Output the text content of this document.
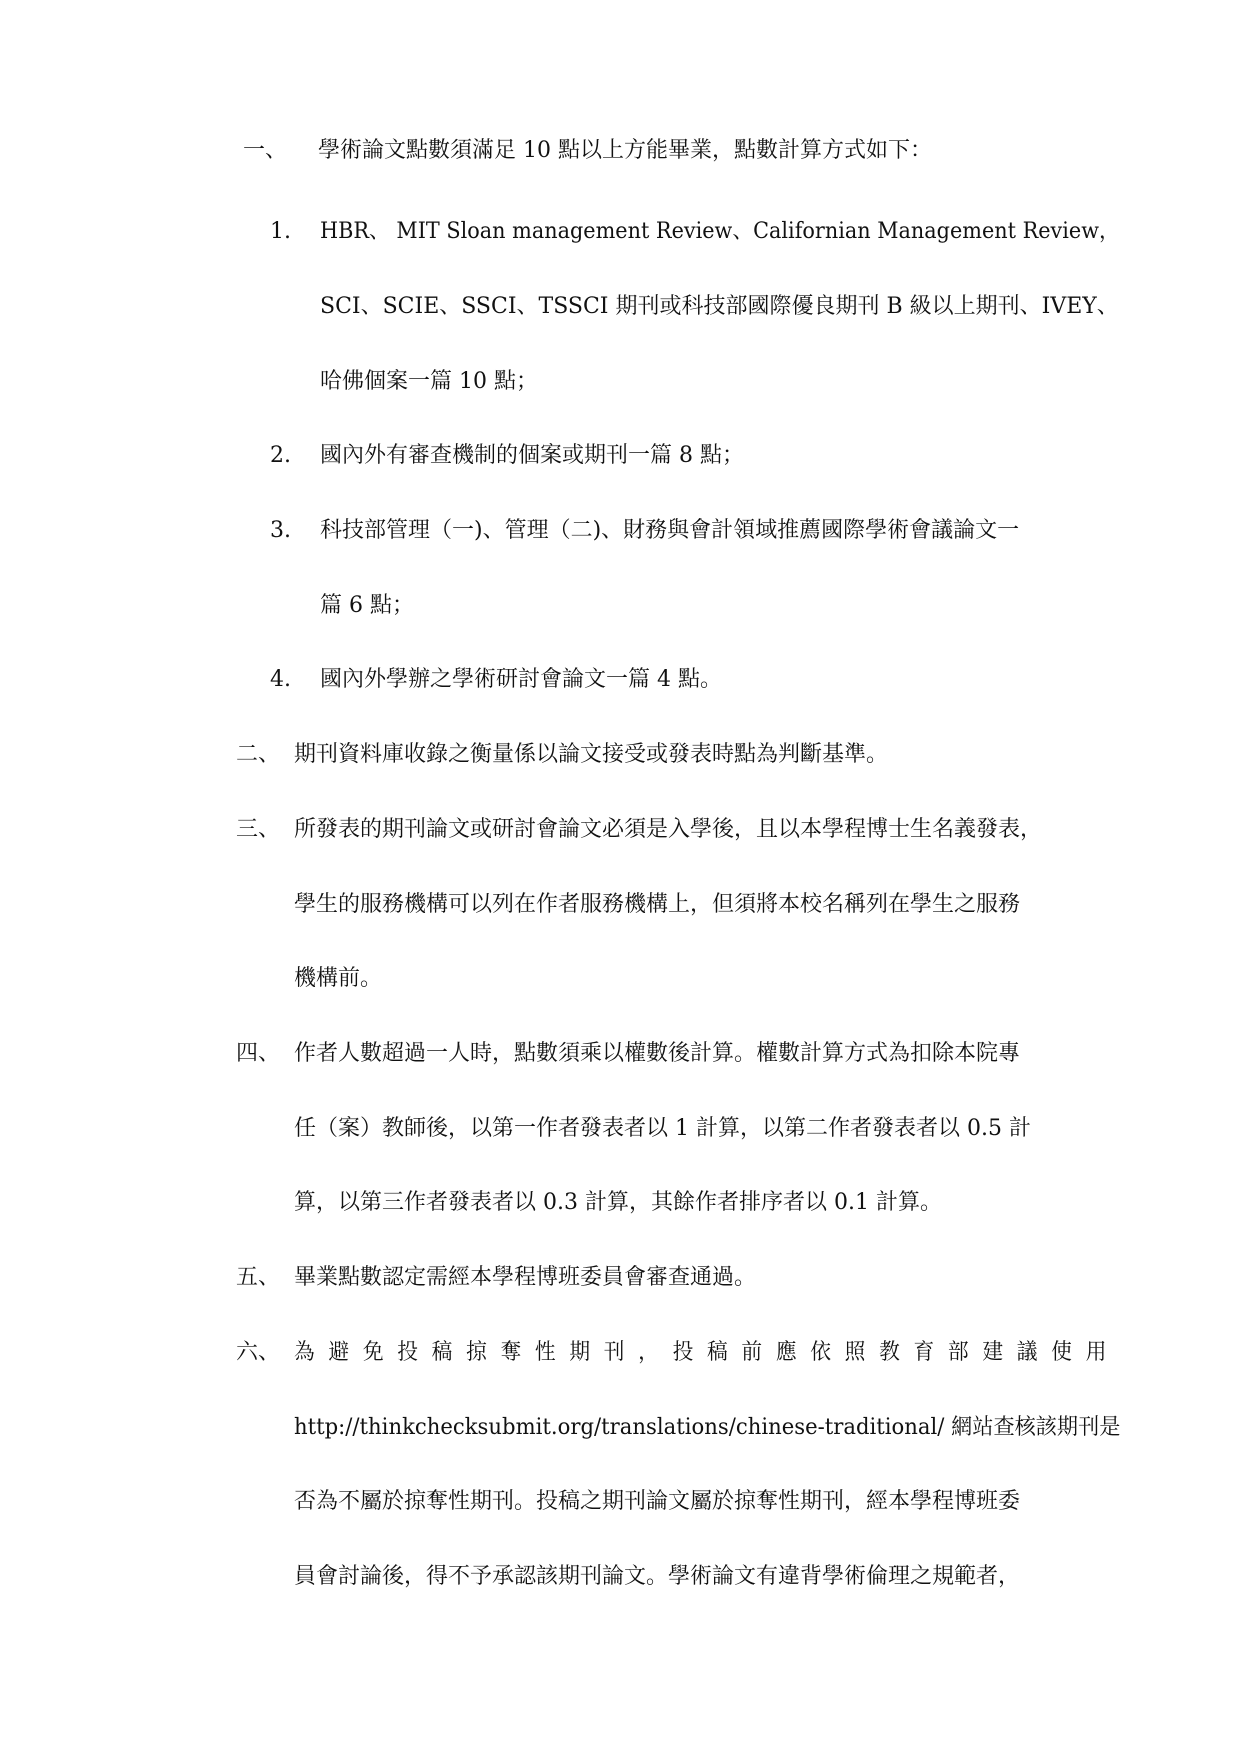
一、 學術論文點數須滿足 10 點以上方能畢業，點數計算方式如下：
1. HBR、 MIT Sloan management Review、Californian Management Review，
SCI、SCIE、SSCI、TSSCI 期刊或科技部國際優良期刊 B 級以上期刊、IVEY、
哈佛個案一篇 10 點；
2. 國內外有審查機制的個案或期刊一篇 8 點；
3. 科技部管理（一)、管理（二)、財務與會計領域推薦國際學術會議論文一
篇 6 點；
4. 國內外學辦之學術研討會論文一篇 4 點。
二、 期刊資料庫收錄之衡量係以論文接受或發表時點為判斷基準。
三、 所發表的期刊論文或研討會論文必須是入學後，且以本學程博士生名義發表，
學生的服務機構可以列在作者服務機構上，但須將本校名稱列在學生之服務
機構前。
四、 作者人數超過一人時，點數須乘以權數後計算。權數計算方式為扣除本院專
任（案）教師後，以第一作者發表者以 1 計算，以第二作者發表者以 0.5 計
算，以第三作者發表者以 0.3 計算，其餘作者排序者以 0.1 計算。
五、 畢業點數認定需經本學程博班委員會審查通過。
六、 為避免投稿掠奪性期刊，投稿前應依照教育部建議使用
http://thinkchecksubmit.org/translations/chinese-traditional/ 網站查核該期刊是
否為不屬於掠奪性期刊。投稿之期刊論文屬於掠奪性期刊，經本學程博班委
員會討論後，得不予承認該期刊論文。學術論文有違背學術倫理之規範者，
